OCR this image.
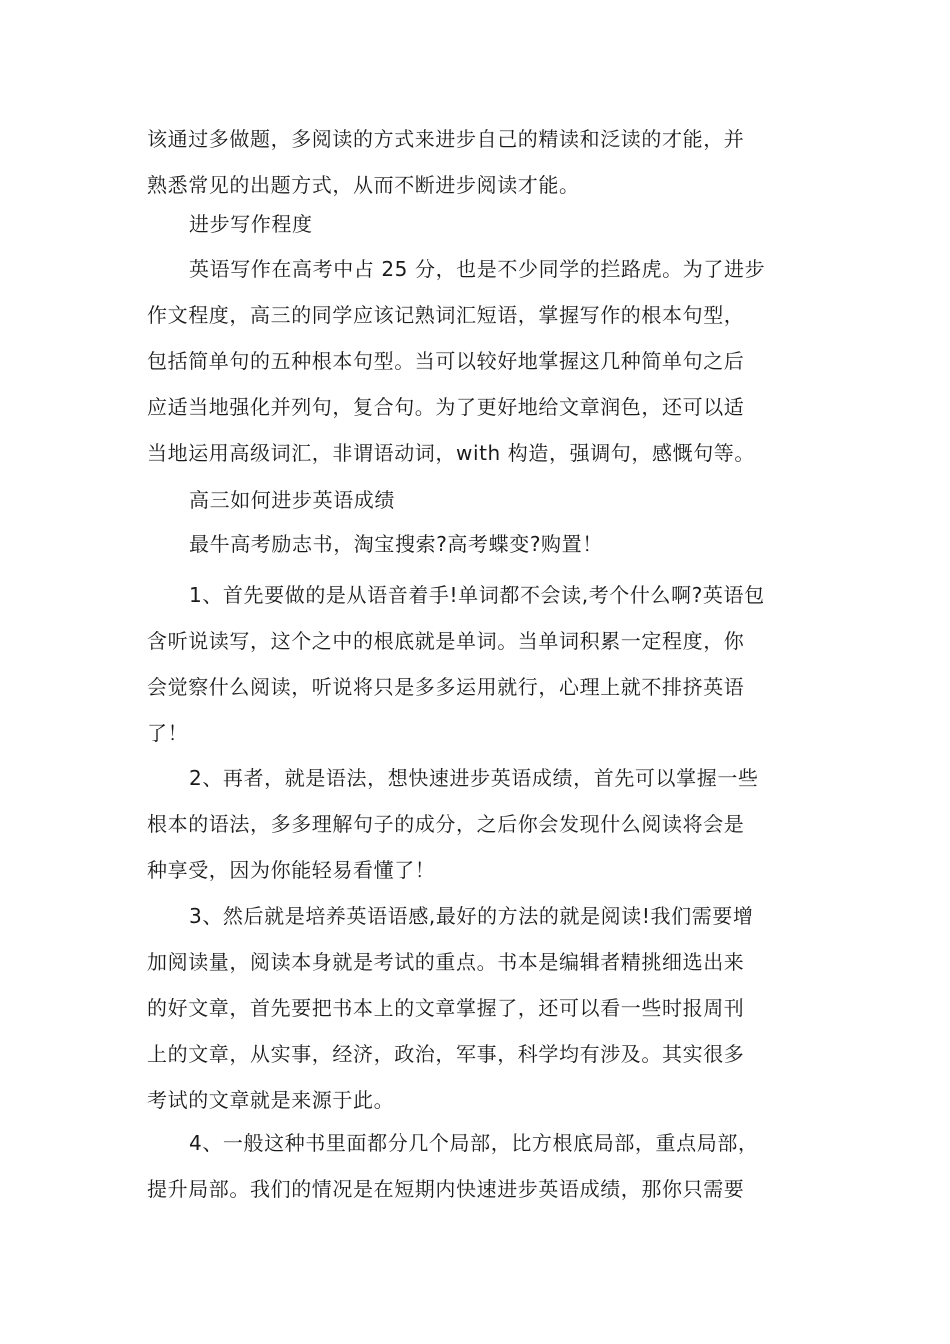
该通过多做题，多阅读的方式来进步自己的精读和泛读的才能，并
熟悉常见的出题方式，从而不断进步阅读才能。
进步写作程度
英语写作在高考中占 25 分，也是不少同学的拦路虎。为了进步
作文程度，高三的同学应该记熟词汇短语，掌握写作的根本句型，
包括简单句的五种根本句型。当可以较好地掌握这几种简单句之后
应适当地强化并列句，复合句。为了更好地给文章润色，还可以适
当地运用高级词汇，非谓语动词，with 构造，强调句，感慨句等。
高三如何进步英语成绩
最牛高考励志书，淘宝搜索?高考蝶变?购置！
1、首先要做的是从语音着手!单词都不会读,考个什么啊?英语包
含听说读写，这个之中的根底就是单词。当单词积累一定程度，你
会觉察什么阅读，听说将只是多多运用就行，心理上就不排挤英语
了！
2、再者，就是语法，想快速进步英语成绩，首先可以掌握一些
根本的语法，多多理解句子的成分，之后你会发现什么阅读将会是
种享受，因为你能轻易看懂了！
3、然后就是培养英语语感,最好的方法的就是阅读!我们需要增
加阅读量，阅读本身就是考试的重点。书本是编辑者精挑细选出来
的好文章，首先要把书本上的文章掌握了，还可以看一些时报周刊
上的文章，从实事，经济，政治，军事，科学均有涉及。其实很多
考试的文章就是来源于此。
4、一般这种书里面都分几个局部，比方根底局部，重点局部，
提升局部。我们的情况是在短期内快速进步英语成绩，那你只需要
